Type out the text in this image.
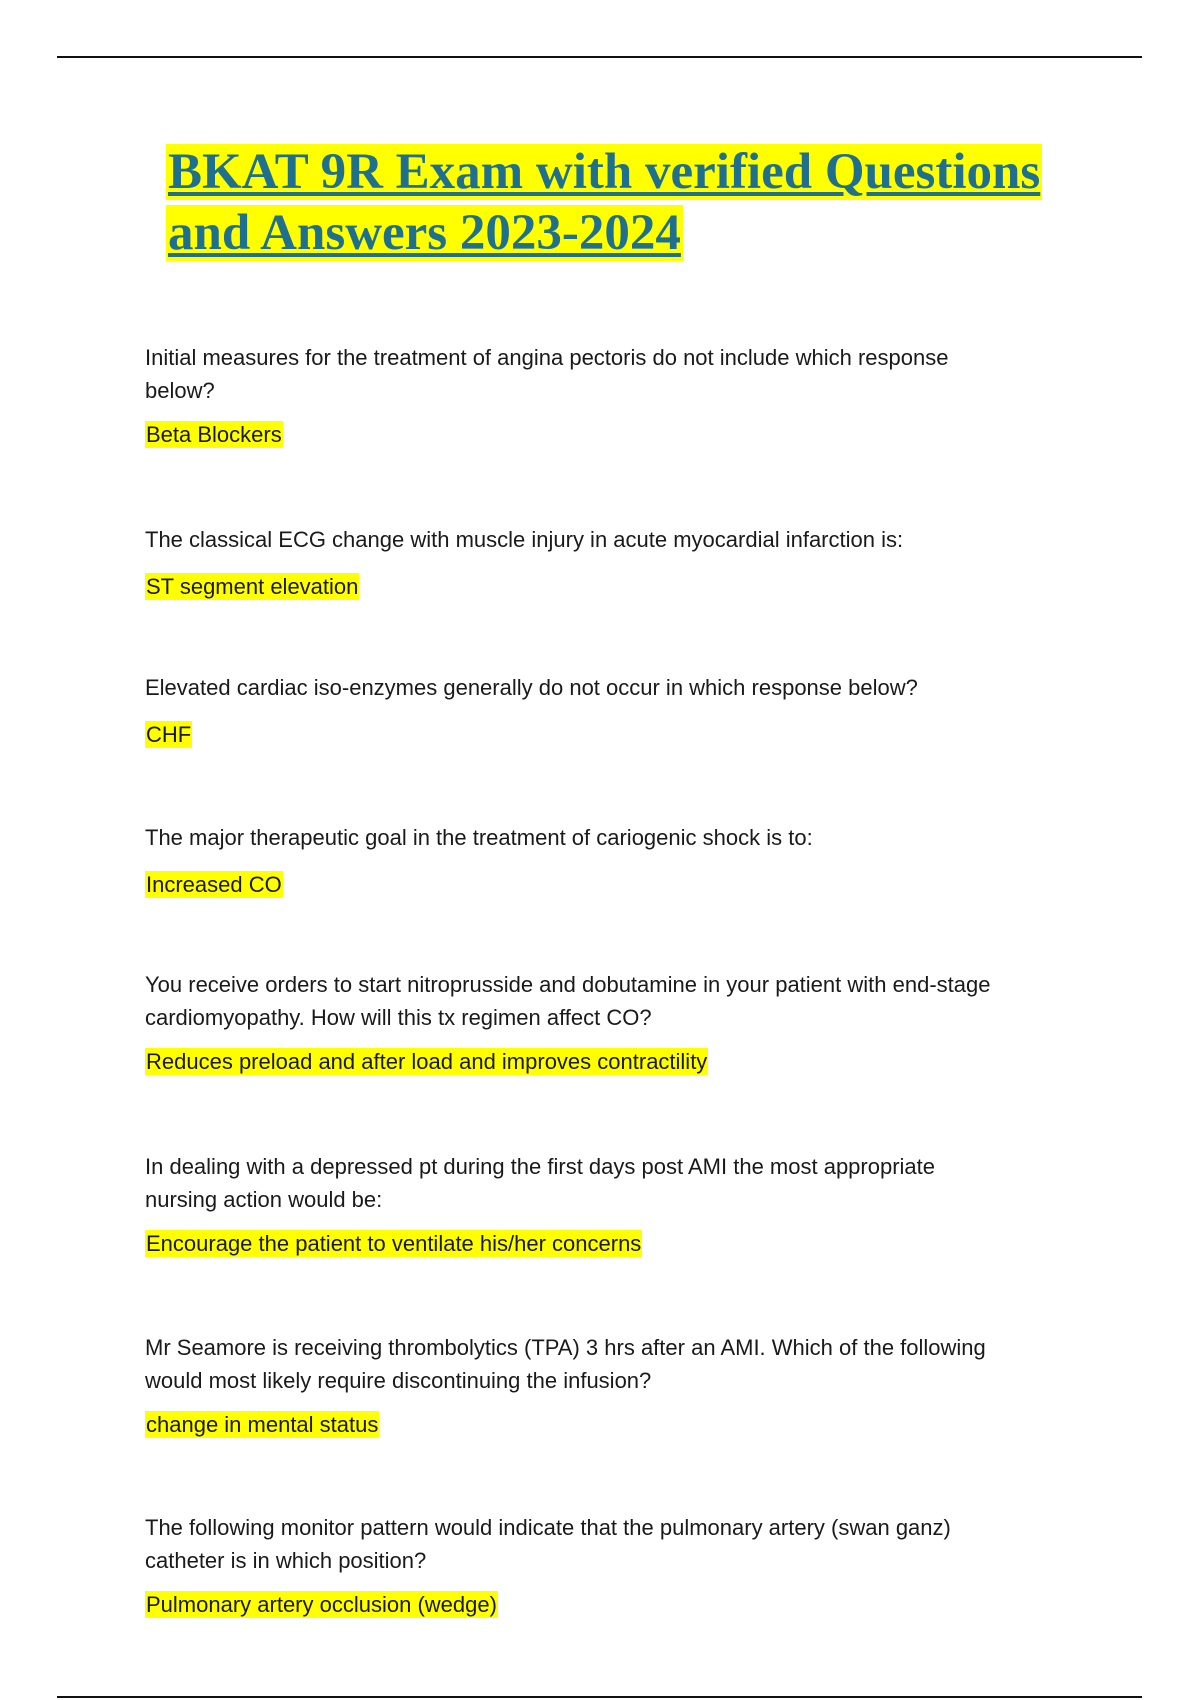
BKAT 9R Exam with verified Questions
and Answers 2023-2024

Initial measures for the treatment of angina pectoris do not include which response
below?

Beta Blockers

The classical ECG change with muscle injury in acute myocardial infarction is:

ST segment elevation

Elevated cardiac iso-enzymes generally do not occur in which response below?

CHF

The major therapeutic goal in the treatment of cariogenic shock is to:

Increased CO

You receive orders to start nitroprusside and dobutamine in your patient with end-stage
cardiomyopathy. How will this tx regimen affect CO?

Reduces preload and after load and improves contractility

In dealing with a depressed pt during the first days post AMI the most appropriate
nursing action would be:

Encourage the patient to ventilate his/her concerns

Mr Seamore is receiving thrombolytics (TPA) 3 hrs after an AMI. Which of the following
would most likely require discontinuing the infusion?

change in mental status

The following monitor pattern would indicate that the pulmonary artery (swan ganz)
catheter is in which position?

Pulmonary artery occlusion (wedge)
